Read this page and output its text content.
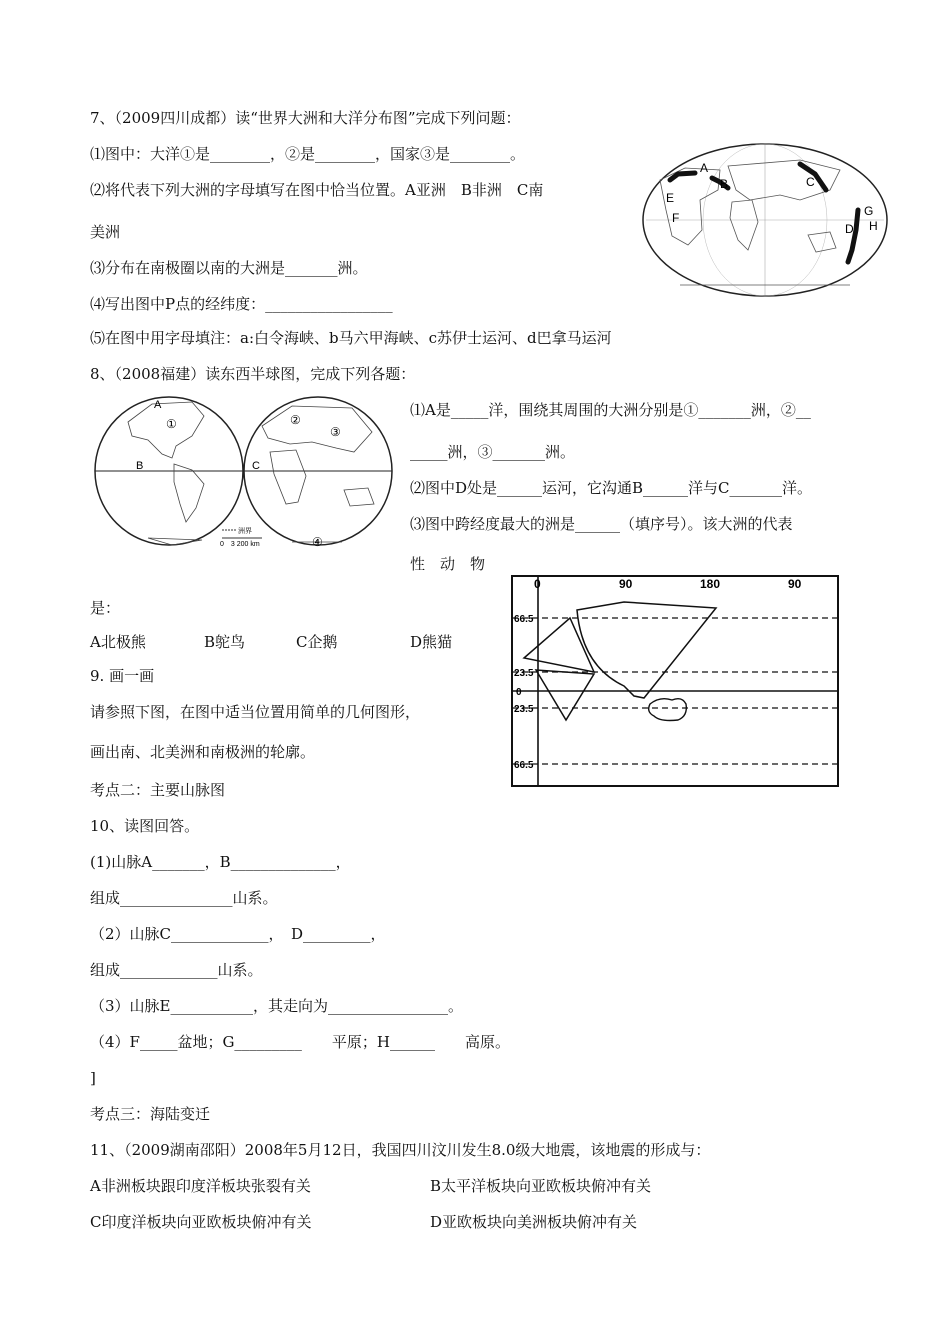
7、（2009四川成都）读“世界大洲和大洋分布图”完成下列问题：
⑴图中：大洋①是________，②是________，国家③是________。
⑵将代表下列大洲的字母填写在图中恰当位置。A亚洲　B非洲　C南
美洲
⑶分布在南极圈以南的大洲是_______洲。
⑷写出图中P点的经纬度：_________________
⑸在图中用字母填注：a:白令海峡、b马六甲海峡、c苏伊士运河、d巴拿马运河
A
B	C
E
F	G
H
D
8、（2008福建）读东西半球图，完成下列各题：
A
①	②
③
④
B	C
洲界
0　3 200 km
⑴A是_____洋，围绕其周围的大洲分别是①_______洲，②__
_____洲，③_______洲。
⑵图中D处是______运河，它沟通B______洋与C_______洋。
⑶图中跨经度最大的洲是______（填序号）。该大洲的代表
性　动　物
是：
A北极熊	B鸵鸟	C企鹅	D熊猫
9. 画一画
请参照下图，在图中适当位置用简单的几何图形，
画出南、北美洲和南极洲的轮廓。
0	90	180	90
66.5
23.5
0
23.5
66.5
考点二：主要山脉图
10、读图回答。
(1)山脉A_______，B______________，
组成_______________山系。
（2）山脉C_____________，　D_________，
组成_____________山系。
（3）山脉E___________，其走向为________________。
（4）F_____盆地；G_________　　平原；H______　　高原。
]
考点三：海陆变迁
11、（2009湖南邵阳）2008年5月12日，我国四川汶川发生8.0级大地震，该地震的形成与：
A非洲板块跟印度洋板块张裂有关	B太平洋板块向亚欧板块俯冲有关
C印度洋板块向亚欧板块俯冲有关	D亚欧板块向美洲板块俯冲有关
